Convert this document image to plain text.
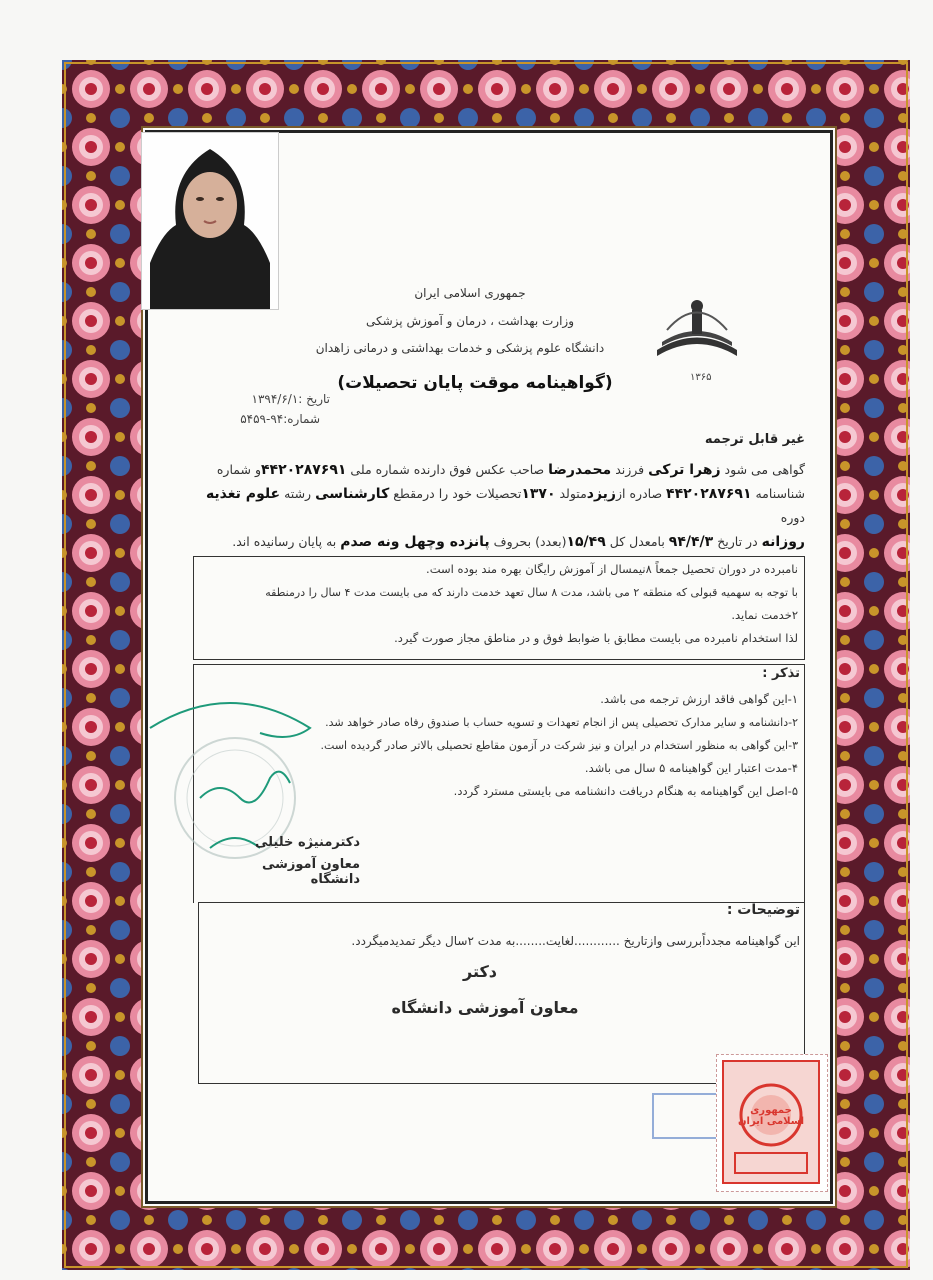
۱۳۶۵
جمهوری اسلامی ایران
وزارت بهداشت ، درمان و آموزش پزشکی
دانشگاه علوم پزشکی و خدمات بهداشتی و درمانی زاهدان
(گواهینامه موقت پایان تحصیلات)
تاریخ :۱۳۹۴/۶/۱
شماره:۹۴-۵۴۵۹
غیر قابل ترجمه
گواهی می شود زهرا ترکی فرزند محمدرضا صاحب عکس فوق دارنده شماره ملی ۴۴۲۰۲۸۷۶۹۱و شماره
شناسنامه ۴۴۲۰۲۸۷۶۹۱ صادره اززیزدمتولد ۱۳۷۰تحصیلات خود را درمقطع کارشناسی رشته علوم تغذیه دوره
روزانه در تاریخ ۹۴/۴/۳ بامعدل کل ۱۵/۴۹(بعدد) بحروف پانزده وچهل ونه صدم به پایان رسانیده اند.
نامبرده در دوران تحصیل جمعاً ۸نیمسال از آموزش رایگان بهره مند بوده است.
با توجه به سهمیه قبولی که منطقه ۲ می باشد، مدت ۸ سال تعهد خدمت دارند که می بایست مدت ۴ سال را درمنطقه
۲خدمت نماید.
لذا استخدام نامبرده می بایست مطابق با ضوابط فوق و در مناطق مجاز صورت گیرد.
تذکر :
۱-این گواهی فاقد ارزش ترجمه می باشد.
۲-دانشنامه و سایر مدارک تحصیلی پس از انجام تعهدات و تسویه حساب با صندوق رفاه صادر خواهد شد.
۳-این گواهی به منظور استخدام در ایران و نیز شرکت در آزمون مقاطع تحصیلی بالاتر صادر گردیده است.
۴-مدت اعتبار این گواهینامه ۵ سال می باشد.
۵-اصل این گواهینامه به هنگام دریافت دانشنامه می بایستی مسترد گردد.
دکترمنیژه خلیلی
معاون آموزشی دانشگاه
توضیحات :
این گواهینامه مجدداًبررسی وازتاریخ ............لغایت........به مدت ۲سال دیگر تمدیدمیگردد.
دکتر
معاون آموزشی دانشگاه
جمهوری اسلامی ایران
